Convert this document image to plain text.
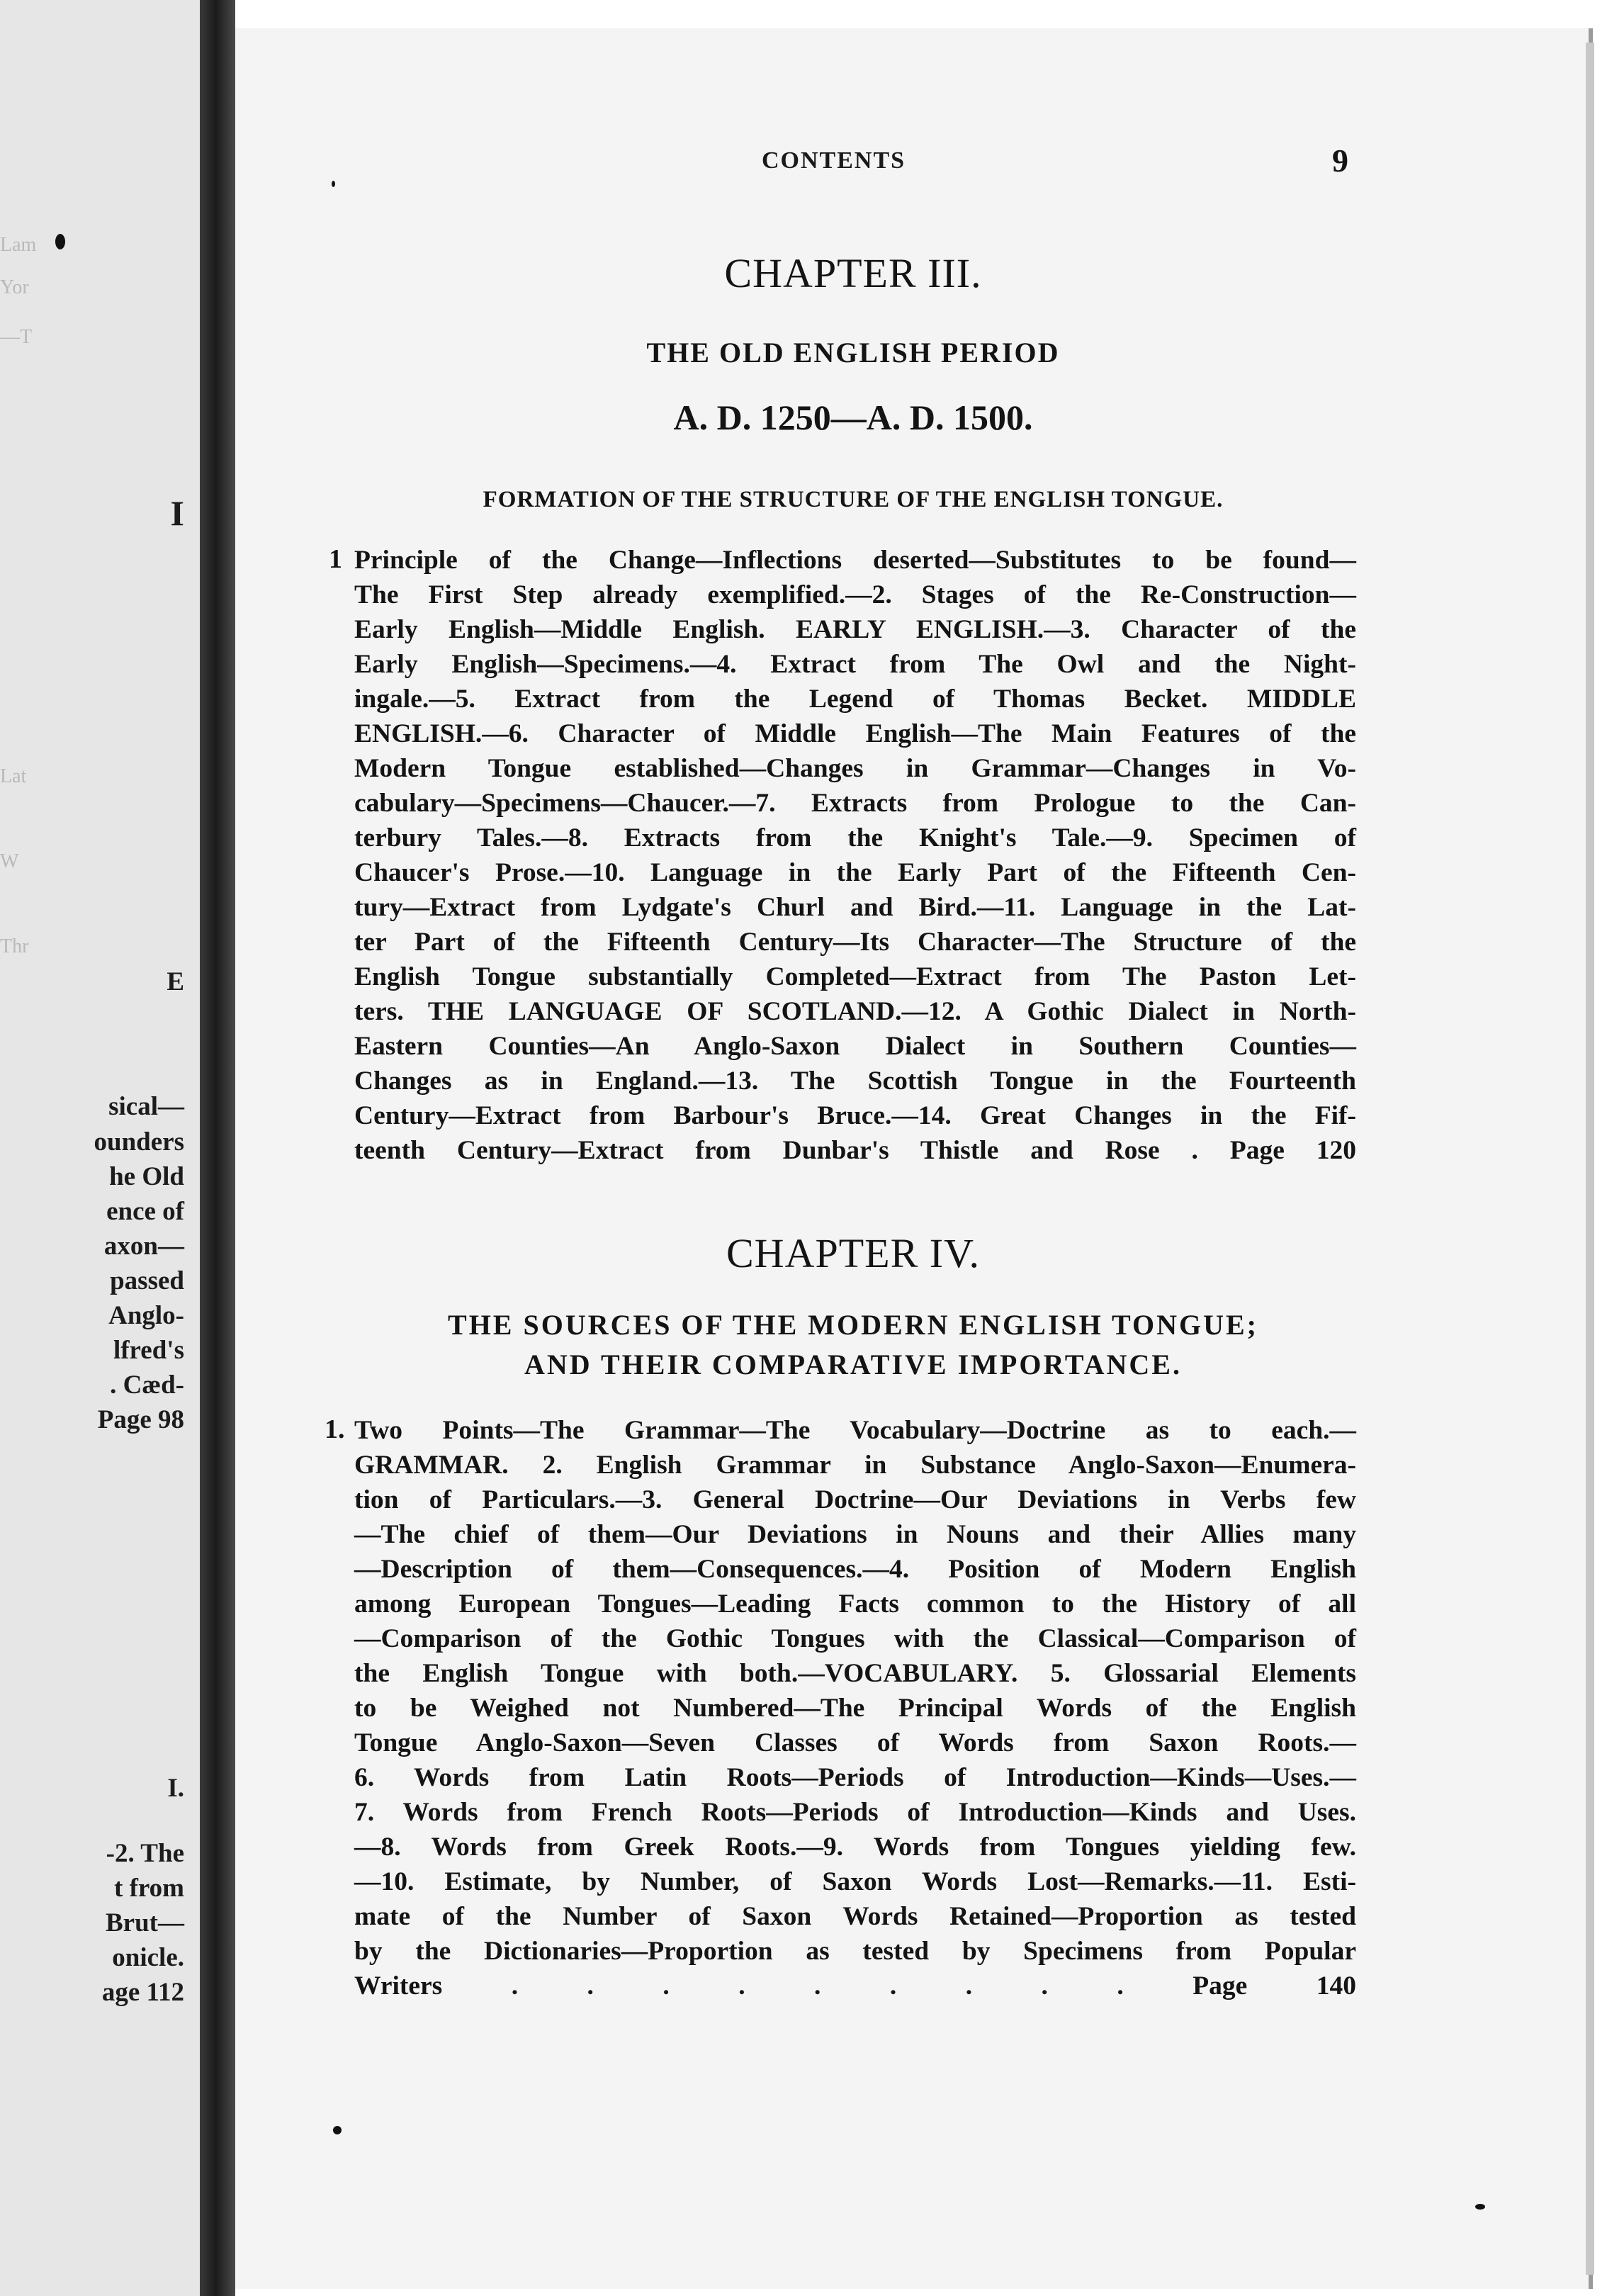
Lam
Yor
—T
Lat
W
Thr
sical—
ounders
he Old
ence of
axon—
passed
Anglo-
lfred's
. Cæd-
Page 98
-2. The
t from
Brut—
onicle.
age 112
I
E
I.
CONTENTS	9
CHAPTER III.
THE OLD ENGLISH PERIOD
A. D. 1250—A. D. 1500.
FORMATION OF THE STRUCTURE OF THE ENGLISH TONGUE.
1 Principle of the Change—Inflections deserted—Substitutes to be found—
The First Step already exemplified.—2. Stages of the Re-Construction—
Early English—Middle English. EARLY ENGLISH.—3. Character of the
Early English—Specimens.—4. Extract from The Owl and the Night-
ingale.—5. Extract from the Legend of Thomas Becket. MIDDLE
ENGLISH.—6. Character of Middle English—The Main Features of the
Modern Tongue established—Changes in Grammar—Changes in Vo-
cabulary—Specimens—Chaucer.—7. Extracts from Prologue to the Can-
terbury Tales.—8. Extracts from the Knight's Tale.—9. Specimen of
Chaucer's Prose.—10. Language in the Early Part of the Fifteenth Cen-
tury—Extract from Lydgate's Churl and Bird.—11. Language in the Lat-
ter Part of the Fifteenth Century—Its Character—The Structure of the
English Tongue substantially Completed—Extract from The Paston Let-
ters. THE LANGUAGE OF SCOTLAND.—12. A Gothic Dialect in North-
Eastern Counties—An Anglo-Saxon Dialect in Southern Counties—
Changes as in England.—13. The Scottish Tongue in the Fourteenth
Century—Extract from Barbour's Bruce.—14. Great Changes in the Fif-
teenth Century—Extract from Dunbar's Thistle and Rose . Page 120
CHAPTER IV.
THE SOURCES OF THE MODERN ENGLISH TONGUE;
AND THEIR COMPARATIVE IMPORTANCE.
1. Two Points—The Grammar—The Vocabulary—Doctrine as to each.—
GRAMMAR. 2. English Grammar in Substance Anglo-Saxon—Enumera-
tion of Particulars.—3. General Doctrine—Our Deviations in Verbs few
—The chief of them—Our Deviations in Nouns and their Allies many
—Description of them—Consequences.—4. Position of Modern English
among European Tongues—Leading Facts common to the History of all
—Comparison of the Gothic Tongues with the Classical—Comparison of
the English Tongue with both.—VOCABULARY. 5. Glossarial Elements
to be Weighed not Numbered—The Principal Words of the English
Tongue Anglo-Saxon—Seven Classes of Words from Saxon Roots.—
6. Words from Latin Roots—Periods of Introduction—Kinds—Uses.—
7. Words from French Roots—Periods of Introduction—Kinds and Uses.
—8. Words from Greek Roots.—9. Words from Tongues yielding few.
—10. Estimate, by Number, of Saxon Words Lost—Remarks.—11. Esti-
mate of the Number of Saxon Words Retained—Proportion as tested
by the Dictionaries—Proportion as tested by Specimens from Popular
Writers . . . . . . . . . Page 140
